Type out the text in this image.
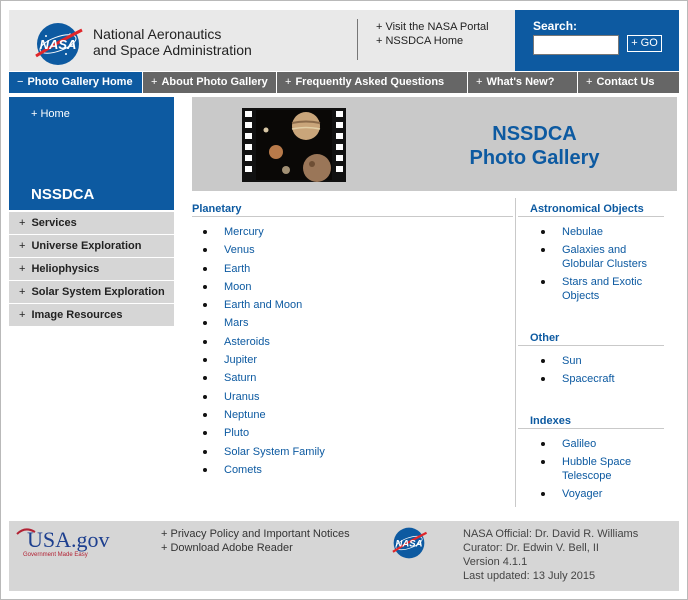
NASA
National Aeronautics
and Space Administration
+ Visit the NASA Portal
+ NSSDCA Home
Search:
+ GO
− Photo Gallery Home	+ About Photo Gallery	+ Frequently Asked Questions	+ What's New?	+ Contact Us
+ Home
NSSDCA
+ Services
+ Universe Exploration
+ Heliophysics
+ Solar System Exploration
+ Image Resources
NSSDCA
Photo Gallery
Planetary
Mercury
Venus
Earth
Moon
Earth and Moon
Mars
Asteroids
Jupiter
Saturn
Uranus
Neptune
Pluto
Solar System Family
Comets
Astronomical Objects
Nebulae
Galaxies and
Globular Clusters
Stars and Exotic
Objects
Other
Sun
Spacecraft
Indexes
Galileo
Hubble Space
Telescope
Voyager
USA.gov
Government Made Easy
+ Privacy Policy and Important Notices
+ Download Adobe Reader	NASA
NASA Official: Dr. David R. Williams
Curator: Dr. Edwin V. Bell, II
Version 4.1.1
Last updated: 13 July 2015
